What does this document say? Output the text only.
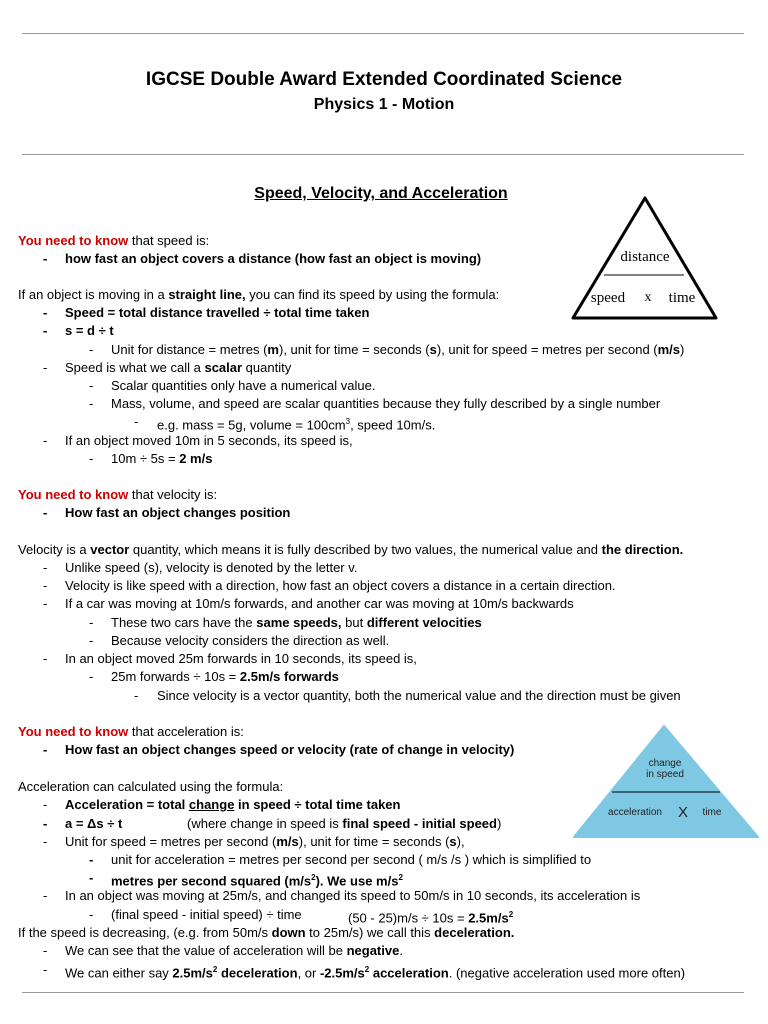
IGCSE Double Award Extended Coordinated Science
Physics 1 - Motion
Speed, Velocity, and Acceleration
distance
speed x time
change
in speed
acceleration X time
You need to know that speed is:
- how fast an object covers a distance (how fast an object is moving)
If an object is moving in a straight line, you can find its speed by using the formula:
- Speed = total distance travelled ÷ total time taken
- s = d ÷ t
- Unit for distance = metres (m), unit for time = seconds (s), unit for speed = metres per second (m/s)
- Speed is what we call a scalar quantity
- Scalar quantities only have a numerical value.
- Mass, volume, and speed are scalar quantities because they fully described by a single number
- e.g. mass = 5g, volume = $100cm^3$, speed 10m/s.
- If an object moved 10m in 5 seconds, its speed is,
- 10m ÷ 5s = 2 m/s
You need to know that velocity is:
- How fast an object changes position
Velocity is a vector quantity, which means it is fully described by two values, the numerical value and the direction.
- Unlike speed (s), velocity is denoted by the letter v.
- Velocity is like speed with a direction, how fast an object covers a distance in a certain direction.
- If a car was moving at 10m/s forwards, and another car was moving at 10m/s backwards
- These two cars have the same speeds, but different velocities
- Because velocity considers the direction as well.
- In an object moved 25m forwards in 10 seconds, its speed is,
- 25m forwards ÷ 10s = 2.5m/s forwards
- Since velocity is a vector quantity, both the numerical value and the direction must be given
You need to know that acceleration is:
- How fast an object changes speed or velocity (rate of change in velocity)
Acceleration can calculated using the formula:
- Acceleration = total change in speed ÷ total time taken
- a = Δs ÷ t	(where change in speed is final speed - initial speed)
- Unit for speed = metres per second (m/s), unit for time = seconds (s),
- unit for acceleration = metres per second per second ( m/s /s ) which is simplified to
- metres per second squared $(m/s^2)$. We use $m/s^2$
- In an object was moving at 25m/s, and changed its speed to 50m/s in 10 seconds, its acceleration is
- (final speed - initial speed) ÷ time	$(50 - 25)m/s \div 10s = 2.5m/s^2$
If the speed is decreasing, (e.g. from 50m/s down to 25m/s) we call this deceleration.
- We can see that the value of acceleration will be negative.
- We can either say $2.5m/s^2$ deceleration, or $-2.5m/s^2$ acceleration. (negative acceleration used more often)
